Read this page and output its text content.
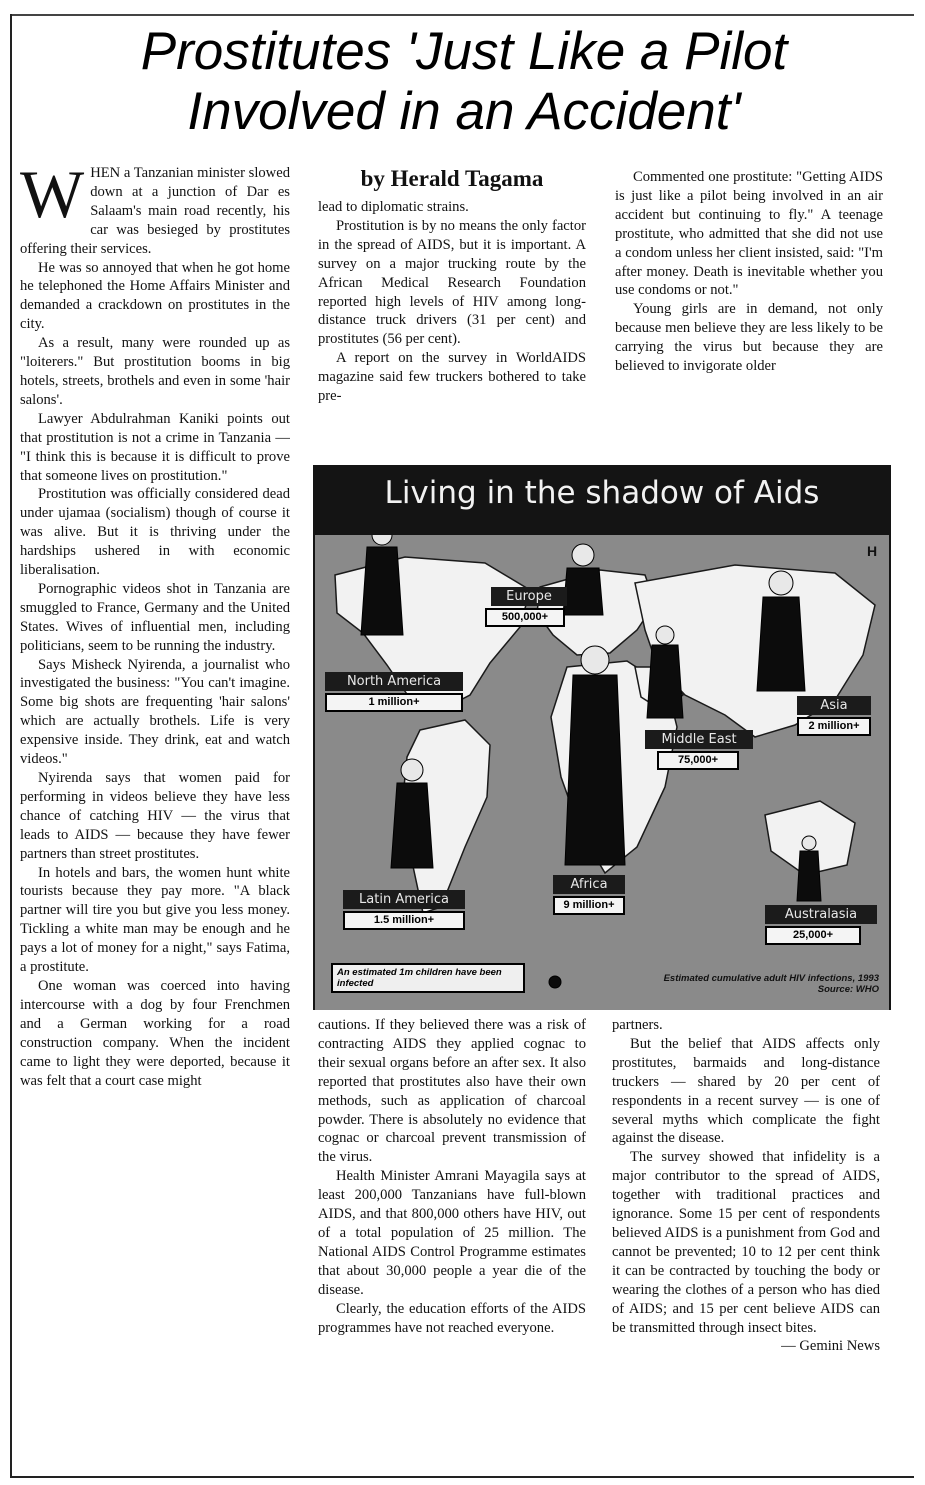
Prostitutes 'Just Like a Pilot
Involved in an Accident'

WHEN a Tanzanian minister slowed down at a junction of Dar es Salaam's main road recently, his car was besieged by prostitutes offering their services.

He was so annoyed that when he got home he telephoned the Home Affairs Minister and demanded a crackdown on prostitutes in the city.

As a result, many were rounded up as "loiterers." But prostitution booms in big hotels, streets, brothels and even in some 'hair salons'.

Lawyer Abdulrahman Kaniki points out that prostitution is not a crime in Tanzania — "I think this is because it is difficult to prove that someone lives on prostitution."

Prostitution was officially considered dead under ujamaa (socialism) though of course it was alive. But it is thriving under the hardships ushered in with economic liberalisation.

Pornographic videos shot in Tanzania are smuggled to France, Germany and the United States. Wives of influential men, including politicians, seem to be running the industry.

Says Misheck Nyirenda, a journalist who investigated the business: "You can't imagine. Some big shots are frequenting 'hair salons' which are actually brothels. Life is very expensive inside. They drink, eat and watch videos."

Nyirenda says that women paid for performing in videos believe they have less chance of catching HIV — the virus that leads to AIDS — because they have fewer partners than street prostitutes.

In hotels and bars, the women hunt white tourists because they pay more. "A black partner will tire you but give you less money. Tickling a white man may be enough and he pays a lot of money for a night," says Fatima, a prostitute.

One woman was coerced into having intercourse with a dog by four Frenchmen and a German working for a road construction company. When the incident came to light they were deported, because it was felt that a court case might

by Herald Tagama

lead to diplomatic strains.

Prostitution is by no means the only factor in the spread of AIDS, but it is important. A survey on a major trucking route by the African Medical Research Foundation reported high levels of HIV among long-distance truck drivers (31 per cent) and prostitutes (56 per cent).

A report on the survey in WorldAIDS magazine said few truckers bothered to take pre-

Commented one prostitute: "Getting AIDS is just like a pilot being involved in an air accident but continuing to fly." A teenage prostitute, who admitted that she did not use a condom unless her client insisted, said: "I'm after money. Death is inevitable whether you use condoms or not."

Young girls are in demand, not only because men believe they are less likely to be carrying the virus but because they are believed to invigorate older

Living in the shadow of Aids
Europe
500,000+
North America
1 million+	Asia
2 million+
Middle East
75,000+
Latin America
1.5 million+
Africa
9 million+
Australasia
25,000+
An estimated 1m children have been infected	Estimated cumulative adult HIV infections, 1993
Source: WHO
H

cautions. If they believed there was a risk of contracting AIDS they applied cognac to their sexual organs before an after sex. It also reported that prostitutes also have their own methods, such as application of charcoal powder. There is absolutely no evidence that cognac or charcoal prevent transmission of the virus.

Health Minister Amrani Mayagila says at least 200,000 Tanzanians have full-blown AIDS, and that 800,000 others have HIV, out of a total population of 25 million. The National AIDS Control Programme estimates that about 30,000 people a year die of the disease.

Clearly, the education efforts of the AIDS programmes have not reached everyone.

partners.

But the belief that AIDS affects only prostitutes, barmaids and long-distance truckers — shared by 20 per cent of respondents in a recent survey — is one of several myths which complicate the fight against the disease.

The survey showed that infidelity is a major contributor to the spread of AIDS, together with traditional practices and ignorance. Some 15 per cent of respondents believed AIDS is a punishment from God and cannot be prevented; 10 to 12 per cent think it can be contracted by touching the body or wearing the clothes of a person who has died of AIDS; and 15 per cent believe AIDS can be transmitted through insect bites.
— Gemini News
